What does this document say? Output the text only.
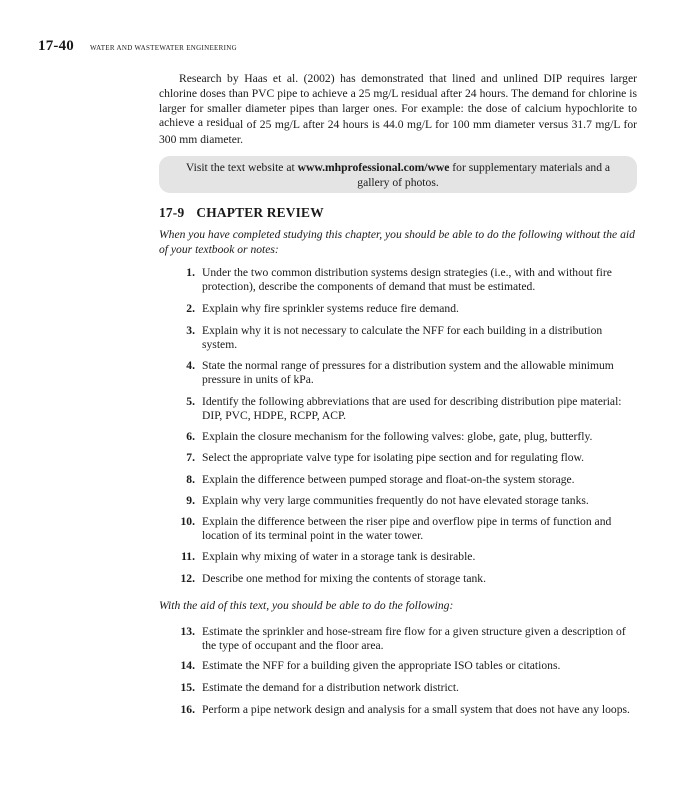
17-40 WATER AND WASTEWATER ENGINEERING

Research by Haas et al. (2002) has demonstrated that lined and unlined DIP requires larger chlorine doses than PVC pipe to achieve a 25 mg/L residual after 24 hours. The demand for chlorine is larger for smaller diameter pipes than larger ones. For example: the dose of calcium hypochlorite to achieve a residual of 25 mg/L after 24 hours is 44.0 mg/L for 100 mm diameter versus 31.7 mg/L for 300 mm diameter.

Visit the text website at www.mhprofessional.com/wwe for supplementary materials and a gallery of photos.
17-9 CHAPTER REVIEW

When you have completed studying this chapter, you should be able to do the following without the aid of your textbook or notes:

1. Under the two common distribution systems design strategies (i.e., with and without fire protection), describe the components of demand that must be estimated.
2. Explain why fire sprinkler systems reduce fire demand.
3. Explain why it is not necessary to calculate the NFF for each building in a distribution system.
4. State the normal range of pressures for a distribution system and the allowable minimum pressure in units of kPa.
5. Identify the following abbreviations that are used for describing distribution pipe material: DIP, PVC, HDPE, RCPP, ACP.
6. Explain the closure mechanism for the following valves: globe, gate, plug, butterfly.
7. Select the appropriate valve type for isolating pipe section and for regulating flow.
8. Explain the difference between pumped storage and float-on-the system storage.
9. Explain why very large communities frequently do not have elevated storage tanks.
10. Explain the difference between the riser pipe and overflow pipe in terms of function and location of its terminal point in the water tower.
11. Explain why mixing of water in a storage tank is desirable.
12. Describe one method for mixing the contents of storage tank.

With the aid of this text, you should be able to do the following:

13. Estimate the sprinkler and hose-stream fire flow for a given structure given a description of the type of occupant and the floor area.
14. Estimate the NFF for a building given the appropriate ISO tables or citations.
15. Estimate the demand for a distribution network district.
16. Perform a pipe network design and analysis for a small system that does not have any loops.
